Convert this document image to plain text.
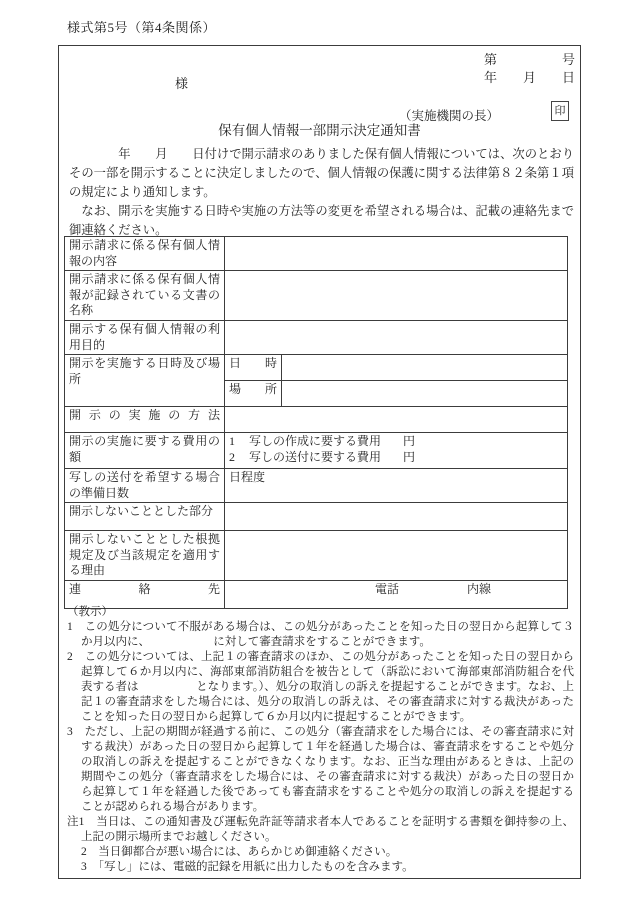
様式第5号（第4条関係）
第　　　　　号
年　　月　　日
様
（実施機関の長）	印
保有個人情報一部開示決定通知書

　　　　年　　月　　日付けで開示請求のありました保有個人情報については、次のとおりその一部を開示することに決定しましたので、個人情報の保護に関する法律第８２条第１項の規定により通知します。

　なお、開示を実施する日時や実施の方法等の変更を希望される場合は、記載の連絡先まで御連絡ください。

開示請求に係る保有個人情報の内容		
開示請求に係る保有個人情報が記録されている文書の名称		
開示する保有個人情報の利用目的		
開示を実施する日時及び場所	日　　時	
	場　　所	
開示の実施の方法		
開示の実施に要する費用の額	1 写しの作成に要する費用 円
2 写しの送付に要する費用 円	

写しの送付を希望する場合の準備日数	日程度	
開示しないこととした部分		
開示しないこととした根拠規定及び当該規定を適用する理由		
連絡先	電話 内線	

（教示）

1　この処分について不服がある場合は、この処分があったことを知った日の翌日から起算して３か月以内に、　　　　　　に対して審査請求をすることができます。

2　この処分については、上記１の審査請求のほか、この処分があったことを知った日の翌日から起算して６か月以内に、海部東部消防組合を被告として（訴訟において海部東部消防組合を代表する者は　　　　　となります。）、処分の取消しの訴えを提起することができます。なお、上記１の審査請求をした場合には、処分の取消しの訴えは、その審査請求に対する裁決があったことを知った日の翌日から起算して６か月以内に提起することができます。

3　ただし、上記の期間が経過する前に、この処分（審査請求をした場合には、その審査請求に対する裁決）があった日の翌日から起算して１年を経過した場合は、審査請求をすることや処分の取消しの訴えを提起することができなくなります。なお、正当な理由があるときは、上記の期間やこの処分（審査請求をした場合には、その審査請求に対する裁決）があった日の翌日から起算して１年を経過した後であっても審査請求をすることや処分の取消しの訴えを提起することが認められる場合があります。

注1　当日は、この通知書及び運転免許証等請求者本人であることを証明する書類を御持参の上、上記の開示場所までお越しください。

2　当日御都合が悪い場合には、あらかじめ御連絡ください。

3　「写し」には、電磁的記録を用紙に出力したものを含みます。
